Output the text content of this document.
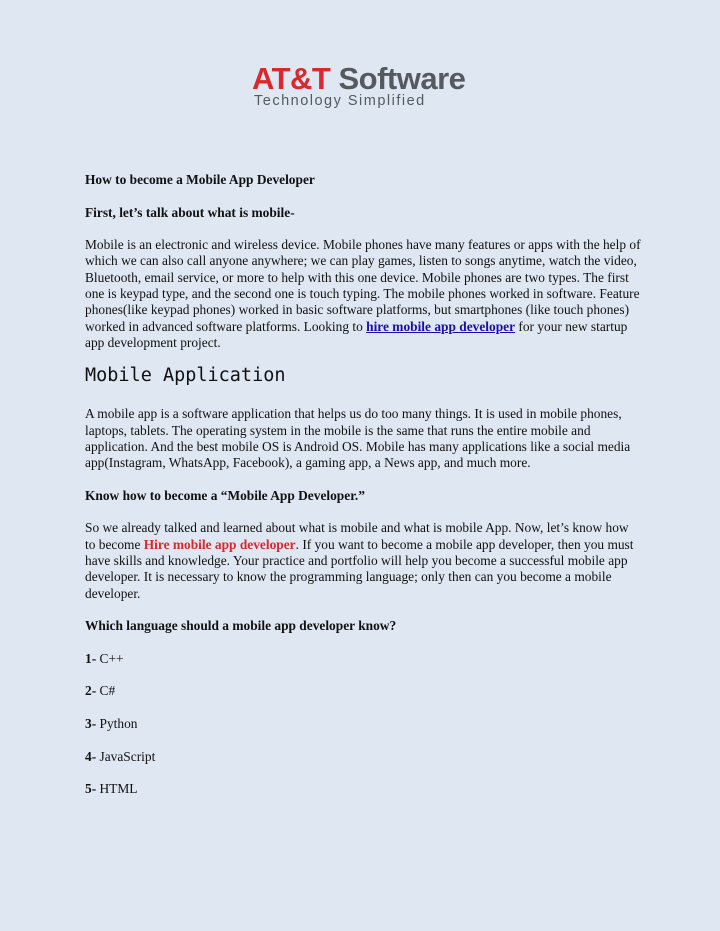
AT&T Software
Technology Simplified

How to become a Mobile App Developer

First, let’s talk about what is mobile-

Mobile is an electronic and wireless device. Mobile phones have many features or apps with the help of which we can also call anyone anywhere; we can play games, listen to songs anytime, watch the video, Bluetooth, email service, or more to help with this one device. Mobile phones are two types. The first one is keypad type, and the second one is touch typing. The mobile phones worked in software. Feature phones(like keypad phones) worked in basic software platforms, but smartphones (like touch phones) worked in advanced software platforms. Looking to hire mobile app developer for your new startup app development project.

Mobile Application

A mobile app is a software application that helps us do too many things. It is used in mobile phones, laptops, tablets. The operating system in the mobile is the same that runs the entire mobile and application. And the best mobile OS is Android OS. Mobile has many applications like a social media app(Instagram, WhatsApp, Facebook), a gaming app, a News app, and much more.

Know how to become a “Mobile App Developer.”

So we already talked and learned about what is mobile and what is mobile App. Now, let’s know how to become Hire mobile app developer. If you want to become a mobile app developer, then you must have skills and knowledge. Your practice and portfolio will help you become a successful mobile app developer. It is necessary to know the programming language; only then can you become a mobile developer.

Which language should a mobile app developer know?

1- C++

2- C#

3- Python

4- JavaScript

5- HTML
